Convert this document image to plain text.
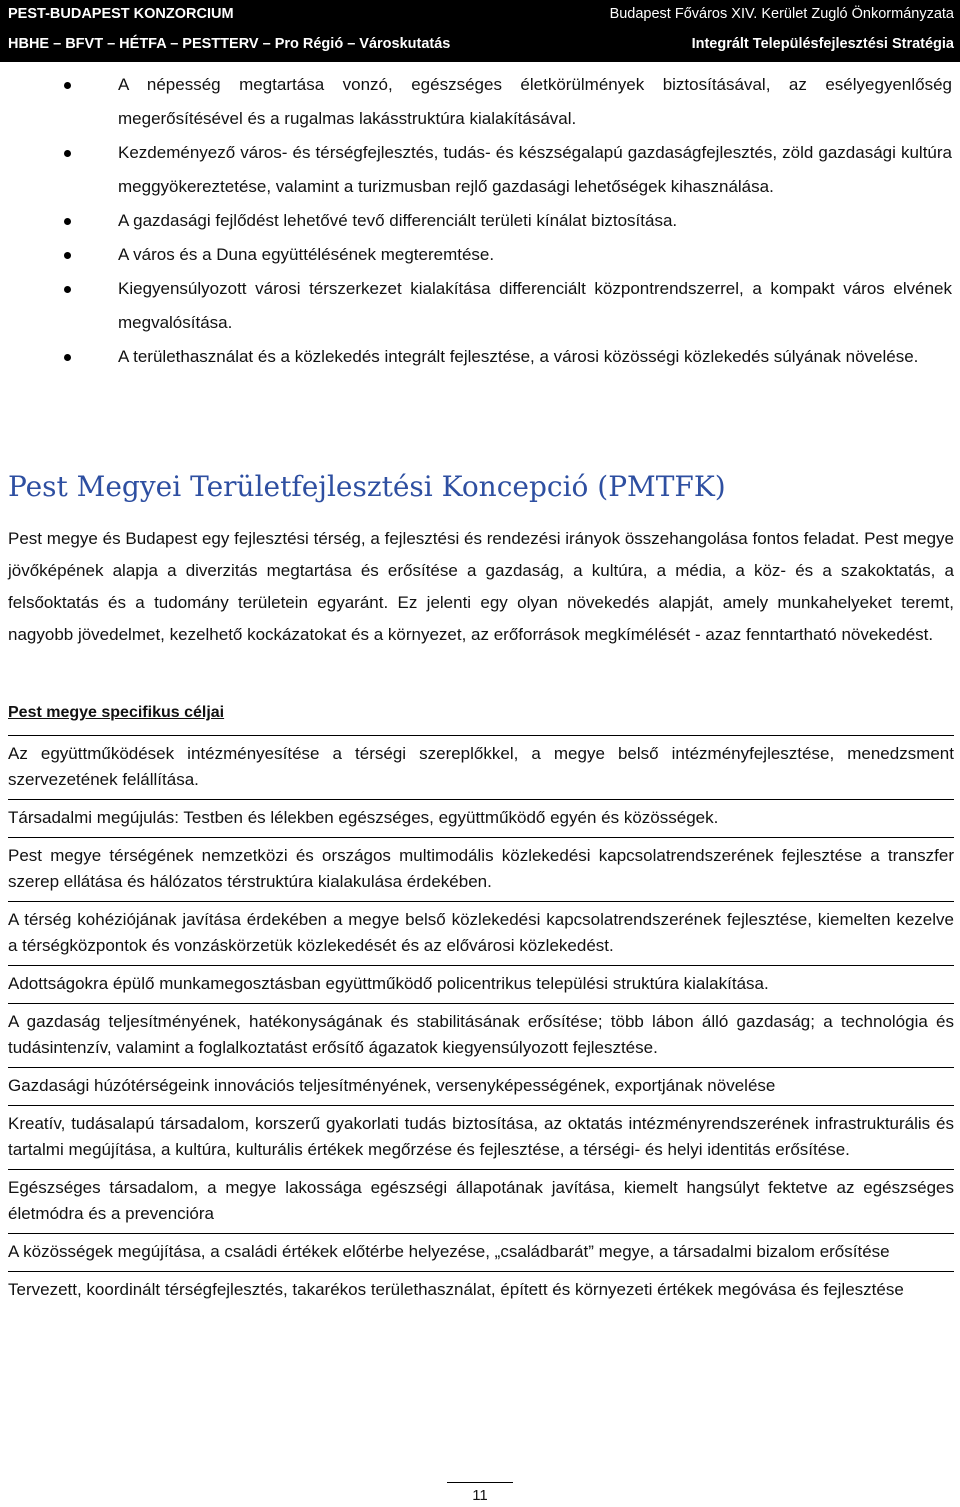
PEST-BUDAPEST KONZORCIUM	Budapest Főváros XIV. Kerület Zugló Önkormányzata
HBHE – BFVT – HÉTFA – PESTTERV – Pro Régió – Városkutatás	Integrált Településfejlesztési Stratégia
A népesség megtartása vonzó, egészséges életkörülmények biztosításával, az esélyegyenlőség megerősítésével és a rugalmas lakásstruktúra kialakításával.
Kezdeményező város- és térségfejlesztés, tudás- és készségalapú gazdaságfejlesztés, zöld gazdasági kultúra meggyökereztetése, valamint a turizmusban rejlő gazdasági lehetőségek kihasználása.
A gazdasági fejlődést lehetővé tevő differenciált területi kínálat biztosítása.
A város és a Duna együttélésének megteremtése.
Kiegyensúlyozott városi térszerkezet kialakítása differenciált központrendszerrel, a kompakt város elvének megvalósítása.
A területhasználat és a közlekedés integrált fejlesztése, a városi közösségi közlekedés súlyának növelése.
Pest Megyei Területfejlesztési Koncepció (PMTFK)

Pest megye és Budapest egy fejlesztési térség, a fejlesztési és rendezési irányok összehangolása fontos feladat. Pest megye jövőképének alapja a diverzitás megtartása és erősítése a gazdaság, a kultúra, a média, a köz- és a szakoktatás, a felsőoktatás és a tudomány területein egyaránt. Ez jelenti egy olyan növekedés alapját, amely munkahelyeket teremt, nagyobb jövedelmet, kezelhető kockázatokat és a környezet, az erőforrások megkímélését - azaz fenntartható növekedést.

Pest megye specifikus céljai

Az együttműködések intézményesítése a térségi szereplőkkel, a megye belső intézményfejlesztése, menedzsment szervezetének felállítása.

Társadalmi megújulás: Testben és lélekben egészséges, együttműködő egyén és közösségek.

Pest megye térségének nemzetközi és országos multimodális közlekedési kapcsolatrendszerének fejlesztése a transzfer szerep ellátása és hálózatos térstruktúra kialakulása érdekében.

A térség kohéziójának javítása érdekében a megye belső közlekedési kapcsolatrendszerének fejlesztése, kiemelten kezelve a térségközpontok és vonzáskörzetük közlekedését és az elővárosi közlekedést.

Adottságokra épülő munkamegosztásban együttműködő policentrikus települési struktúra kialakítása.

A gazdaság teljesítményének, hatékonyságának és stabilitásának erősítése; több lábon álló gazdaság; a technológia és tudásintenzív, valamint a foglalkoztatást erősítő ágazatok kiegyensúlyozott fejlesztése.

Gazdasági húzótérségeink innovációs teljesítményének, versenyképességének, exportjának növelése

Kreatív, tudásalapú társadalom, korszerű gyakorlati tudás biztosítása, az oktatás intézményrendszerének infrastrukturális és tartalmi megújítása, a kultúra, kulturális értékek megőrzése és fejlesztése, a térségi- és helyi identitás erősítése.

Egészséges társadalom, a megye lakossága egészségi állapotának javítása, kiemelt hangsúlyt fektetve az egészséges életmódra és a prevencióra

A közösségek megújítása, a családi értékek előtérbe helyezése, „családbarát” megye, a társadalmi bizalom erősítése

Tervezett, koordinált térségfejlesztés, takarékos területhasználat, épített és környezeti értékek megóvása és fejlesztése

11
